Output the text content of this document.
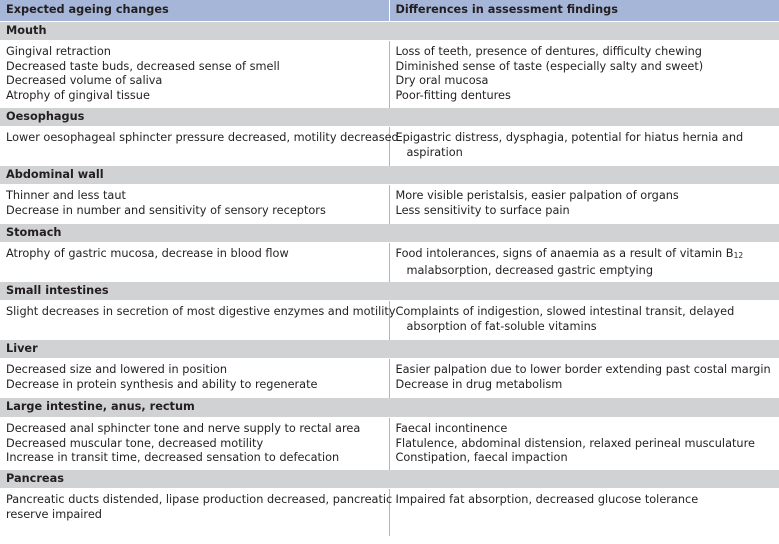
Expected ageing changes	Differences in assessment findings
Mouth	

Gingival retraction
Decreased taste buds, decreased sense of smell
Decreased volume of saliva
Atrophy of gingival tissue	Loss of teeth, presence of dentures, difficulty chewing
Diminished sense of taste (especially salty and sweet)
Dry oral mucosa
Poor-fitting dentures

Oesophagus	

Lower oesophageal sphincter pressure decreased, motility decreased	Epigastric distress, dysphagia, potential for hiatus hernia and
aspiration

Abdominal wall	

Thinner and less taut
Decrease in number and sensitivity of sensory receptors	More visible peristalsis, easier palpation of organs
Less sensitivity to surface pain

Stomach	

Atrophy of gastric mucosa, decrease in blood flow	Food intolerances, signs of anaemia as a result of vitamin B12
malabsorption, decreased gastric emptying

Small intestines	

Slight decreases in secretion of most digestive enzymes and motility	Complaints of indigestion, slowed intestinal transit, delayed
absorption of fat-soluble vitamins

Liver	

Decreased size and lowered in position
Decrease in protein synthesis and ability to regenerate	Easier palpation due to lower border extending past costal margin
Decrease in drug metabolism

Large intestine, anus, rectum	

Decreased anal sphincter tone and nerve supply to rectal area
Decreased muscular tone, decreased motility
Increase in transit time, decreased sensation to defecation	Faecal incontinence
Flatulence, abdominal distension, relaxed perineal musculature
Constipation, faecal impaction

Pancreas	

Pancreatic ducts distended, lipase production decreased, pancreatic
reserve impaired	Impaired fat absorption, decreased glucose tolerance
